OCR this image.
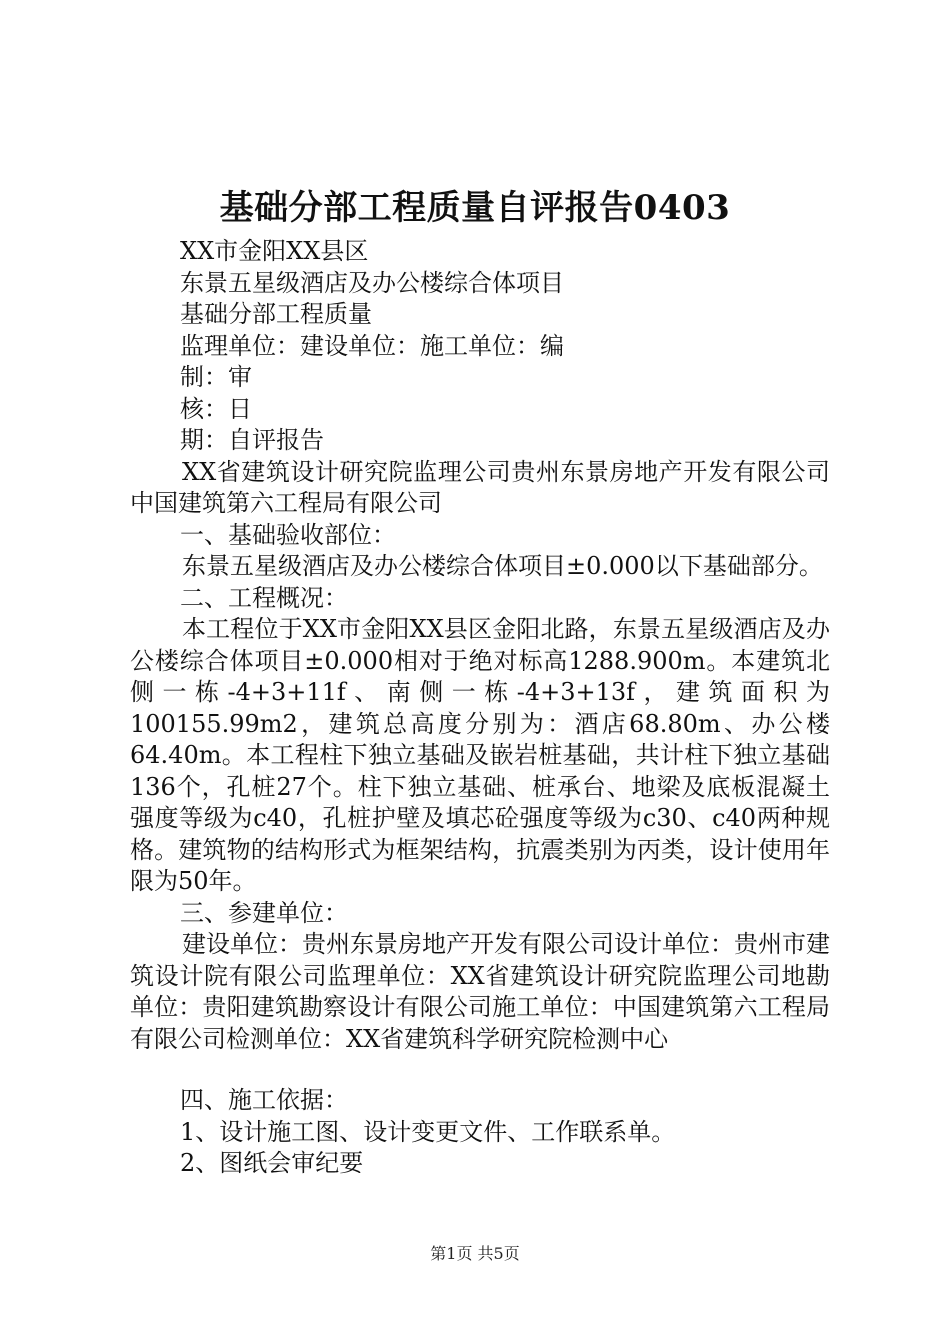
基础分部工程质量自评报告0403
XX市金阳XX县区
东景五星级酒店及办公楼综合体项目
基础分部工程质量
监理单位：建设单位：施工单位：编
制：审
核：日
期：自评报告

XX省建筑设计研究院监理公司贵州东景房地产开发有限公司中国建筑第六工程局有限公司

一、基础验收部位：

东景五星级酒店及办公楼综合体项目±0.000以下基础部分。

二、工程概况：

本工程位于XX市金阳XX县区金阳北路，东景五星级酒店及办公楼综合体项目±0.000相对于绝对标高1288.900m。本建筑北侧一栋-4+3+11f、南侧一栋-4+3+13f，建筑面积为100155.99m2，建筑总高度分别为：酒店68.80m、办公楼64.40m。本工程柱下独立基础及嵌岩桩基础，共计柱下独立基础136个，孔桩27个。柱下独立基础、桩承台、地梁及底板混凝土强度等级为c40，孔桩护壁及填芯砼强度等级为c30、c40两种规格。建筑物的结构形式为框架结构，抗震类别为丙类，设计使用年限为50年。

三、参建单位：

建设单位：贵州东景房地产开发有限公司设计单位：贵州市建筑设计院有限公司监理单位：XX省建筑设计研究院监理公司地勘单位：贵阳建筑勘察设计有限公司施工单位：中国建筑第六工程局有限公司检测单位：XX省建筑科学研究院检测中心

四、施工依据：
1、设计施工图、设计变更文件、工作联系单。
2、图纸会审纪要
第1页 共5页
